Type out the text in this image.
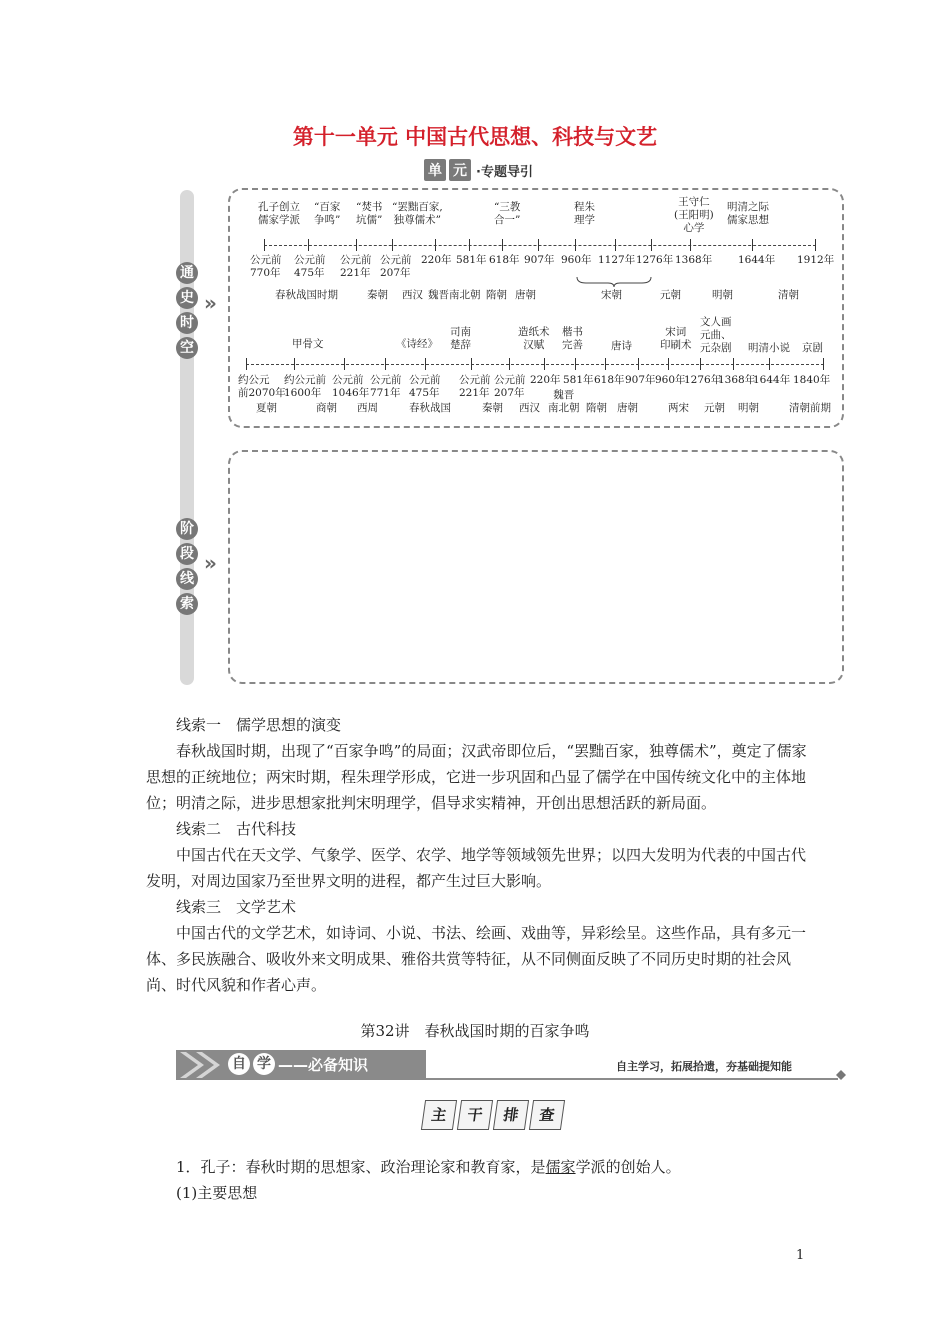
第十一单元 中国古代思想、科技与文艺
单 元 ·专题导引
通
史
时
空
»
阶
段
线
索
»
孔子创立
儒家学派
“百家
争鸣”
“焚书
坑儒”
“罢黜百家,
独尊儒术”
“三教
合一”
程朱
理学
王守仁
(王阳明)
心学
明清之际
儒家思想
公元前
770年
公元前
475年
公元前
221年
公元前
207年
220年 581年 618年 907年 960年 1127年 1276年 1368年 1644年 1912年
春秋战国时期	秦朝 西汉 魏晋南北朝 隋朝 唐朝	宋朝	元朝	明朝	清朝
甲骨文	《诗经》
司南
楚辞
造纸术
汉赋
楷书
完善	唐诗
宋词
印刷术
文人画
元曲、
元杂剧 明清小说 京剧
约公元
前2070年
约公元前
1600年
公元前
1046年
公元前
771年
公元前
475年
公元前
221年
公元前
207年
220年 581年 618年 907年 960年
1276年
1368年
1644年 1840年
夏朝	商朝 西周	春秋战国	秦朝 西汉
魏晋
南北朝 隋朝 唐朝	两宋 元朝 明朝	清朝前期
线索一　儒学思想的演变
春秋战国时期，出现了“百家争鸣”的局面；汉武帝即位后，“罢黜百家，独尊儒术”，奠定了儒家思想的正统地位；两宋时期，程朱理学形成，它进一步巩固和凸显了儒学在中国传统文化中的主体地位；明清之际，进步思想家批判宋明理学，倡导求实精神，开创出思想活跃的新局面。
线索二　古代科技
中国古代在天文学、气象学、医学、农学、地学等领域领先世界；以四大发明为代表的中国古代发明，对周边国家乃至世界文明的进程，都产生过巨大影响。
线索三　文学艺术
中国古代的文学艺术，如诗词、小说、书法、绘画、戏曲等，异彩绘呈。这些作品，具有多元一体、多民族融合、吸收外来文明成果、雅俗共赏等特征，从不同侧面反映了不同历史时期的社会风尚、时代风貌和作者心声。
第32讲　春秋战国时期的百家争鸣
自 学 ——必备知识	自主学习，拓展拾遗，夯基础提知能
主	干	排	查
1．孔子：春秋时期的思想家、政治理论家和教育家，是儒家学派的创始人。
(1)主要思想
1
